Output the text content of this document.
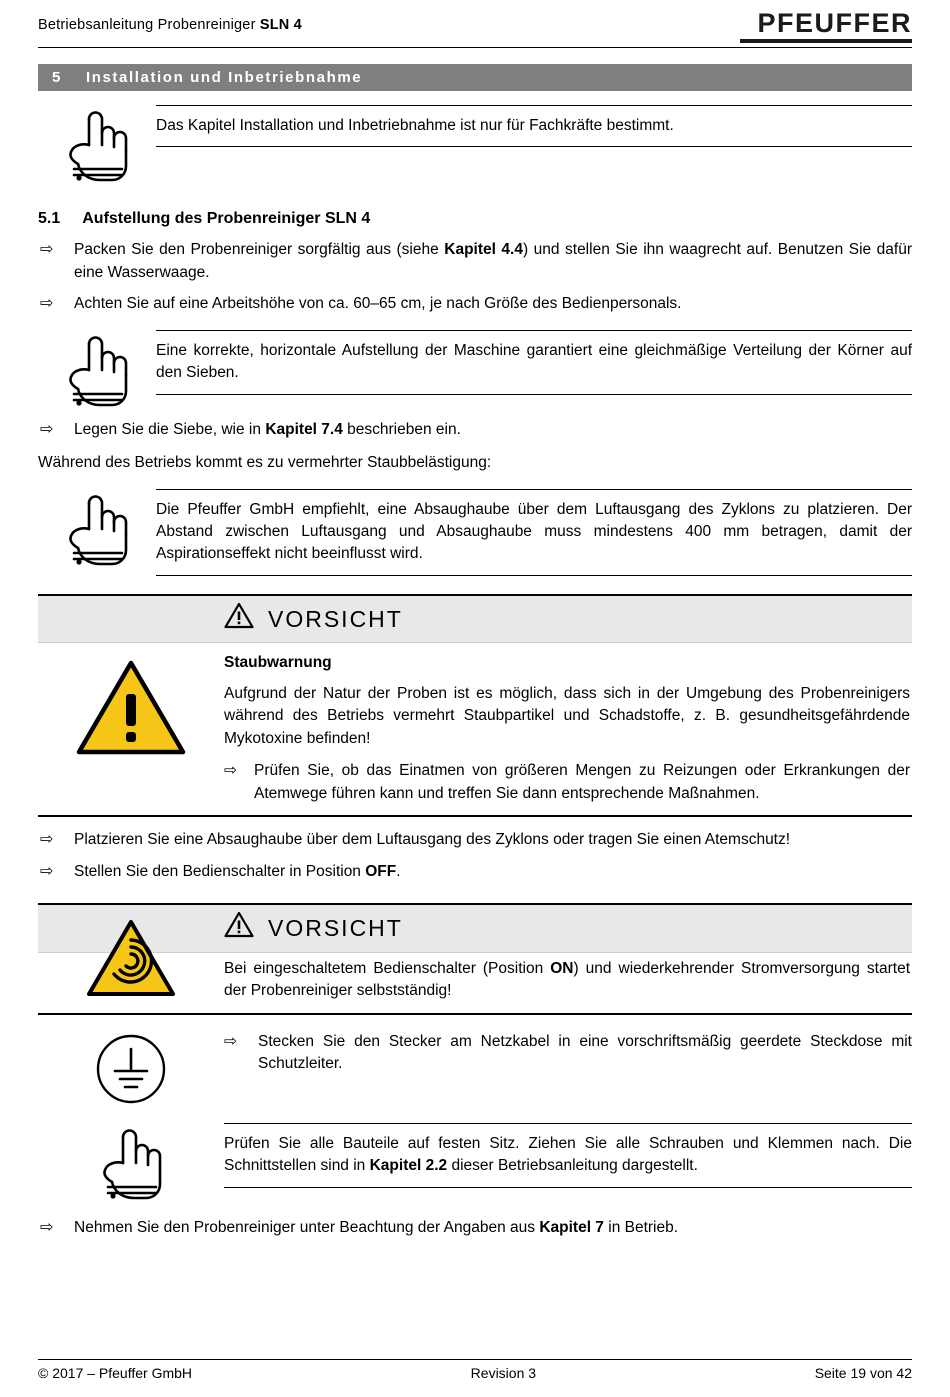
Betriebsanleitung Probenreiniger SLN 4	PFEUFFER
5 Installation und Inbetriebnahme

Das Kapitel Installation und Inbetriebnahme ist nur für Fachkräfte bestimmt.

5.1 Aufstellung des Probenreiniger SLN 4
⇨	Packen Sie den Probenreiniger sorgfältig aus (siehe Kapitel 4.4) und stellen Sie ihn waagrecht auf. Benutzen Sie dafür eine Wasserwaage.
⇨	Achten Sie auf eine Arbeitshöhe von ca. 60–65 cm, je nach Größe des Bedienpersonals.

Eine korrekte, horizontale Aufstellung der Maschine garantiert eine gleichmäßige Verteilung der Körner auf den Sieben.

⇨	Legen Sie die Siebe, wie in Kapitel 7.4 beschrieben ein.
Während des Betriebs kommt es zu vermehrter Staubbelästigung:

Die Pfeuffer GmbH empfiehlt, eine Absaughaube über dem Luftausgang des Zyklons zu platzieren. Der Abstand zwischen Luftausgang und Absaughaube muss mindestens 400 mm betragen, damit der Aspirationseffekt nicht beeinflusst wird.

VORSICHT

Staubwarnung

Aufgrund der Natur der Proben ist es möglich, dass sich in der Umgebung des Probenreinigers während des Betriebs vermehrt Staubpartikel und Schadstoffe, z. B. gesundheitsgefährdende Mykotoxine befinden!

⇨	Prüfen Sie, ob das Einatmen von größeren Mengen zu Reizungen oder Erkrankungen der Atemwege führen kann und treffen Sie dann entsprechende Maßnahmen.
⇨	Platzieren Sie eine Absaughaube über dem Luftausgang des Zyklons oder tragen Sie einen Atemschutz!
⇨	Stellen Sie den Bedienschalter in Position OFF.
VORSICHT

Bei eingeschaltetem Bedienschalter (Position ON) und wiederkehrender Stromversorgung startet der Probenreiniger selbstständig!

⇨	Stecken Sie den Stecker am Netzkabel in eine vorschriftsmäßig geerdete Steckdose mit Schutzleiter.

Prüfen Sie alle Bauteile auf festen Sitz. Ziehen Sie alle Schrauben und Klemmen nach. Die Schnittstellen sind in Kapitel 2.2 dieser Betriebsanleitung dargestellt.

⇨	Nehmen Sie den Probenreiniger unter Beachtung der Angaben aus Kapitel 7 in Betrieb.
© 2017 – Pfeuffer GmbH	Revision 3	Seite 19 von 42
